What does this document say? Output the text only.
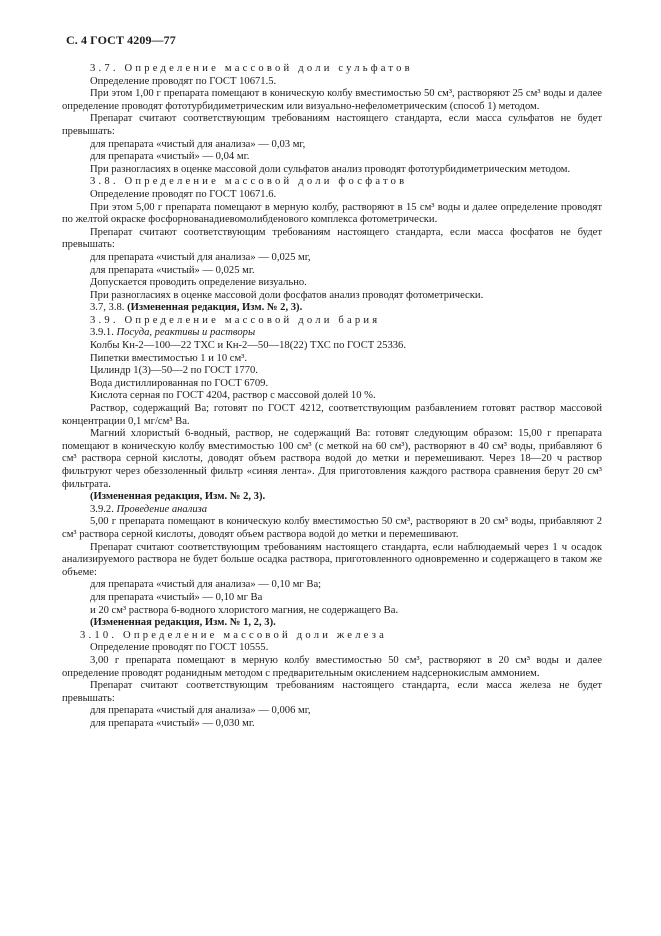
С. 4 ГОСТ 4209—77

3.7. Определение массовой доли сульфатов

Определение проводят по ГОСТ 10671.5.

При этом 1,00 г препарата помещают в коническую колбу вместимостью 50 см³, растворяют 25 см³ воды и далее определение проводят фототурбидиметрическим или визуально-нефелометрическим (способ 1) методом.

Препарат считают соответствующим требованиям настоящего стандарта, если масса сульфатов не будет превышать:

для препарата «чистый для анализа» — 0,03 мг,

для препарата «чистый» — 0,04 мг.

При разногласиях в оценке массовой доли сульфатов анализ проводят фототурбидиметрическим методом.

3.8. Определение массовой доли фосфатов

Определение проводят по ГОСТ 10671.6.

При этом 5,00 г препарата помещают в мерную колбу, растворяют в 15 см³ воды и далее определение проводят по желтой окраске фосфорнованадиевомолибденового комплекса фотометрически.

Препарат считают соответствующим требованиям настоящего стандарта, если масса фосфатов не будет превышать:

для препарата «чистый для анализа» — 0,025 мг,

для препарата «чистый» — 0,025 мг.

Допускается проводить определение визуально.

При разногласиях в оценке массовой доли фосфатов анализ проводят фотометрически.

3.7, 3.8. (Измененная редакция, Изм. № 2, 3).

3.9. Определение массовой доли бария

3.9.1. Посуда, реактивы и растворы

Колбы Кн-2—100—22 ТХС и Кн-2—50—18(22) ТХС по ГОСТ 25336.

Пипетки вместимостью 1 и 10 см³.

Цилиндр 1(3)—50—2 по ГОСТ 1770.

Вода дистиллированная по ГОСТ 6709.

Кислота серная по ГОСТ 4204, раствор с массовой долей 10 %.

Раствор, содержащий Ва; готовят по ГОСТ 4212, соответствующим разбавлением готовят раствор массовой концентрации 0,1 мг/см³ Ва.

Магний хлористый 6-водный, раствор, не содержащий Ва: готовят следующим образом: 15,00 г препарата помещают в коническую колбу вместимостью 100 см³ (с меткой на 60 см³), растворяют в 40 см³ воды, прибавляют 6 см³ раствора серной кислоты, доводят объем раствора водой до метки и перемешивают. Через 18—20 ч раствор фильтруют через обеззоленный фильтр «синяя лента». Для приготовления каждого раствора сравнения берут 20 см³ фильтрата.

(Измененная редакция, Изм. № 2, 3).

3.9.2. Проведение анализа

5,00 г препарата помещают в коническую колбу вместимостью 50 см³, растворяют в 20 см³ воды, прибавляют 2 см³ раствора серной кислоты, доводят объем раствора водой до метки и перемешивают.

Препарат считают соответствующим требованиям настоящего стандарта, если наблюдаемый через 1 ч осадок анализируемого раствора не будет больше осадка раствора, приготовленного одновременно и содержащего в таком же объеме:

для препарата «чистый для анализа» — 0,10 мг Ва;

для препарата «чистый» — 0,10 мг Ва

и 20 см³ раствора 6-водного хлористого магния, не содержащего Ва.

(Измененная редакция, Изм. № 1, 2, 3).

3.10. Определение массовой доли железа

Определение проводят по ГОСТ 10555.

3,00 г препарата помещают в мерную колбу вместимостью 50 см³, растворяют в 20 см³ воды и далее определение проводят роданидным методом с предварительным окислением надсернокислым аммонием.

Препарат считают соответствующим требованиям настоящего стандарта, если масса железа не будет превышать:

для препарата «чистый для анализа» — 0,006 мг,

для препарата «чистый» — 0,030 мг.
